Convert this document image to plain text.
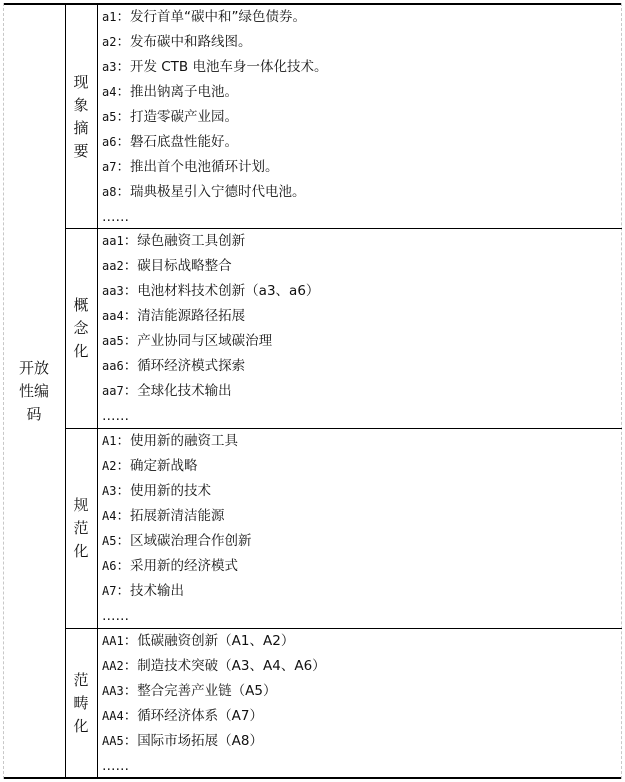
开放性编码
现象摘要
a1：发行首单“碳中和”绿色债券。
a2：发布碳中和路线图。
a3：开发 CTB 电池车身一体化技术。
a4：推出钠离子电池。
a5：打造零碳产业园。
a6：磐石底盘性能好。
a7：推出首个电池循环计划。
a8：瑞典极星引入宁德时代电池。
……
概念化
aa1：绿色融资工具创新
aa2：碳目标战略整合
aa3：电池材料技术创新（a3、a6）
aa4：清洁能源路径拓展
aa5：产业协同与区域碳治理
aa6：循环经济模式探索
aa7：全球化技术输出
……
规范化
A1：使用新的融资工具
A2：确定新战略
A3：使用新的技术
A4：拓展新清洁能源
A5：区域碳治理合作创新
A6：采用新的经济模式
A7：技术输出
……
范畴化
AA1：低碳融资创新（A1、A2）
AA2：制造技术突破（A3、A4、A6）
AA3：整合完善产业链（A5）
AA4：循环经济体系（A7）
AA5：国际市场拓展（A8）
……
